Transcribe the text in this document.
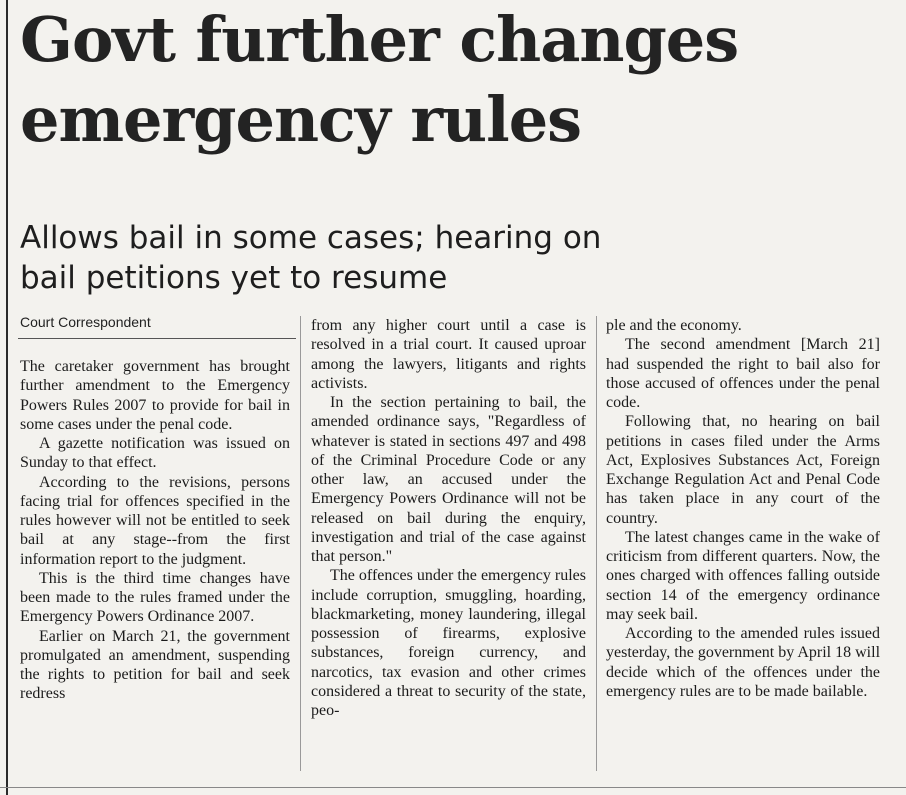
Govt further changes
emergency rules
Allows bail in some cases; hearing on
bail petitions yet to resume
Court Correspondent

The caretaker government has brought further amendment to the Emergency Powers Rules 2007 to provide for bail in some cases under the penal code.

A gazette notification was issued on Sunday to that effect.

According to the revisions, persons facing trial for offences specified in the rules however will not be entitled to seek bail at any stage--from the first information report to the judgment.

This is the third time changes have been made to the rules framed under the Emergency Powers Ordinance 2007.

Earlier on March 21, the government promulgated an amendment, suspending the rights to petition for bail and seek redress

from any higher court until a case is resolved in a trial court. It caused uproar among the lawyers, litigants and rights activists.

In the section pertaining to bail, the amended ordinance says, "Regardless of whatever is stated in sections 497 and 498 of the Criminal Procedure Code or any other law, an accused under the Emergency Powers Ordinance will not be released on bail during the enquiry, investigation and trial of the case against that person."

The offences under the emergency rules include corruption, smuggling, hoarding, blackmarketing, money laundering, illegal possession of firearms, explosive substances, foreign currency, and narcotics, tax evasion and other crimes considered a threat to security of the state, peo-

ple and the economy.

The second amendment [March 21] had suspended the right to bail also for those accused of offences under the penal code.

Following that, no hearing on bail petitions in cases filed under the Arms Act, Explosives Substances Act, Foreign Exchange Regulation Act and Penal Code has taken place in any court of the country.

The latest changes came in the wake of criticism from different quarters. Now, the ones charged with offences falling outside section 14 of the emergency ordinance may seek bail.

According to the amended rules issued yesterday, the government by April 18 will decide which of the offences under the emergency rules are to be made bailable.
